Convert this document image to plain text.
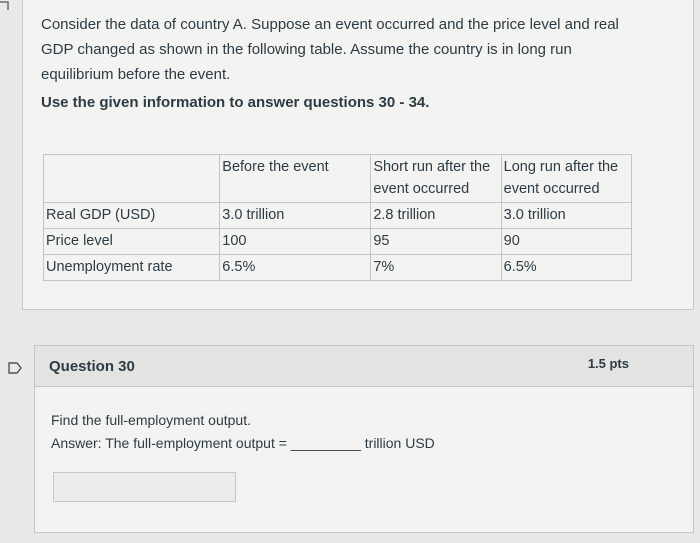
Consider the data of country A. Suppose an event occurred and the price level and real GDP changed as shown in the following table. Assume the country is in long run equilibrium before the event.
Use the given information to answer questions 30 - 34.
	Before the event	Short run after the event occurred	Long run after the event occurred
Real GDP (USD)	3.0 trillion	2.8 trillion	3.0 trillion
Price level	100	95	90
Unemployment rate	6.5%	7%	6.5%
Question 30	1.5 pts
Find the full-employment output.
Answer: The full-employment output = _________ trillion USD
